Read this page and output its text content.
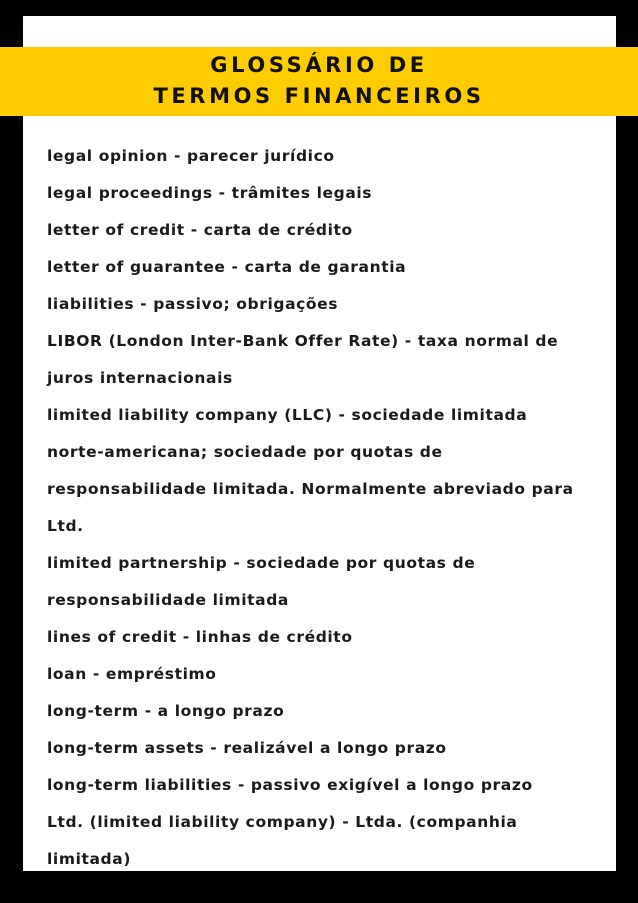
GLOSSÁRIO DE
TERMOS FINANCEIROS
legal opinion - parecer jurídico
legal proceedings - trâmites legais
letter of credit - carta de crédito
letter of guarantee - carta de garantia
liabilities - passivo; obrigações
LIBOR (London Inter-Bank Offer Rate) - taxa normal de
juros internacionais
limited liability company (LLC) - sociedade limitada
norte-americana; sociedade por quotas de
responsabilidade limitada. Normalmente abreviado para
Ltd.
limited partnership - sociedade por quotas de
responsabilidade limitada
lines of credit - linhas de crédito
loan - empréstimo
long-term - a longo prazo
long-term assets - realizável a longo prazo
long-term liabilities - passivo exigível a longo prazo
Ltd. (limited liability company) - Ltda. (companhia
limitada)
